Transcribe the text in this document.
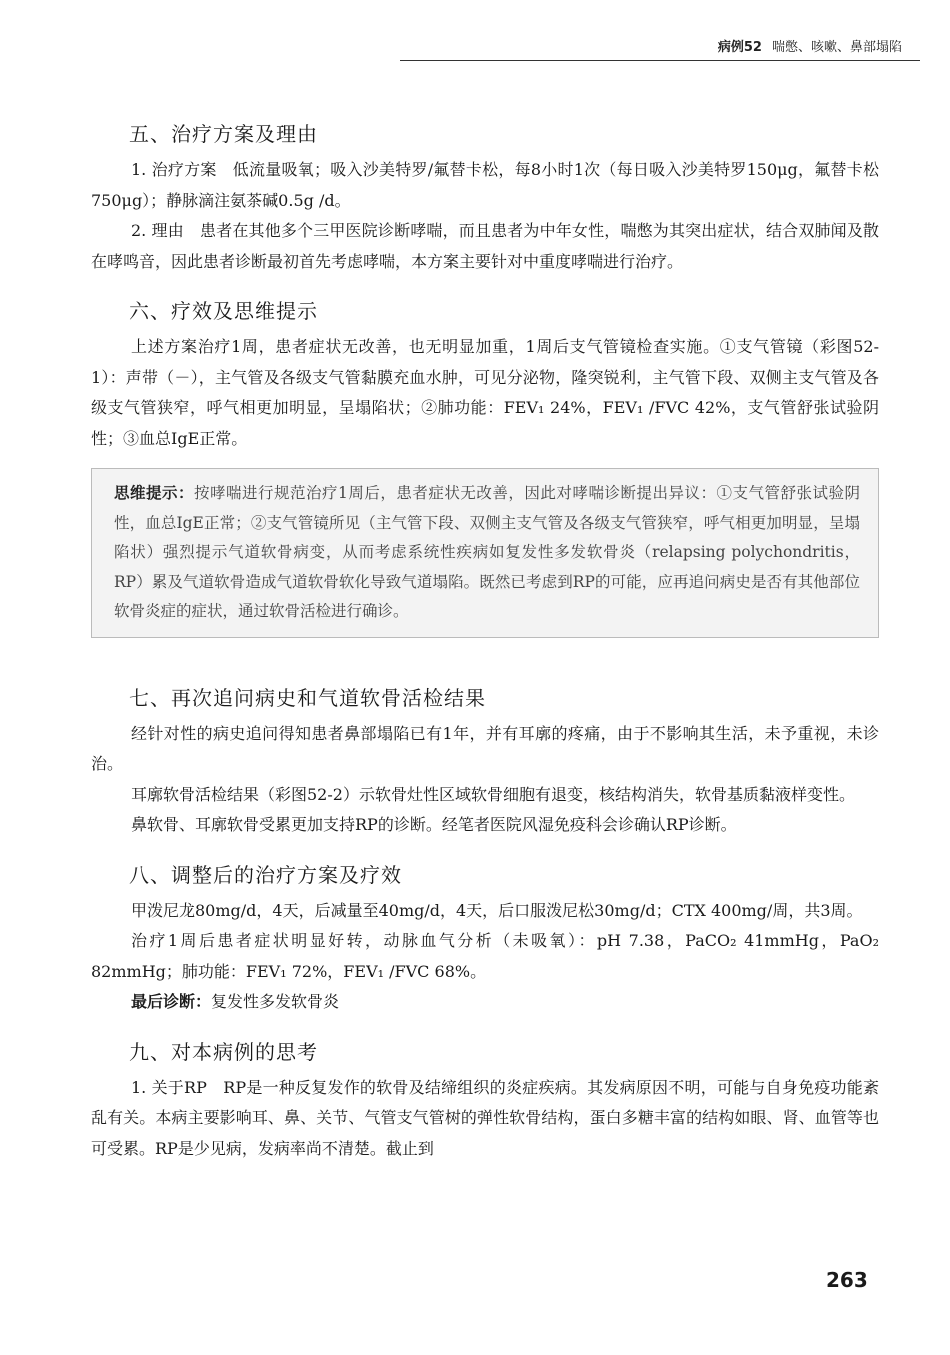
病例52 喘憋、咳嗽、鼻部塌陷
五、治疗方案及理由

1. 治疗方案　低流量吸氧；吸入沙美特罗/氟替卡松，每8小时1次（每日吸入沙美特罗150μg，氟替卡松750μg）；静脉滴注氨茶碱0.5g /d。

2. 理由　患者在其他多个三甲医院诊断哮喘，而且患者为中年女性，喘憋为其突出症状，结合双肺闻及散在哮鸣音，因此患者诊断最初首先考虑哮喘，本方案主要针对中重度哮喘进行治疗。

六、疗效及思维提示

上述方案治疗1周，患者症状无改善，也无明显加重，1周后支气管镜检查实施。①支气管镜（彩图52-1）：声带（－），主气管及各级支气管黏膜充血水肿，可见分泌物，隆突锐利，主气管下段、双侧主支气管及各级支气管狭窄，呼气相更加明显，呈塌陷状；②肺功能：FEV₁ 24%，FEV₁ /FVC 42%，支气管舒张试验阴性；③血总IgE正常。

思维提示：按哮喘进行规范治疗1周后，患者症状无改善，因此对哮喘诊断提出异议：①支气管舒张试验阴性，血总IgE正常；②支气管镜所见（主气管下段、双侧主支气管及各级支气管狭窄，呼气相更加明显，呈塌陷状）强烈提示气道软骨病变，从而考虑系统性疾病如复发性多发软骨炎（relapsing polychondritis，RP）累及气道软骨造成气道软骨软化导致气道塌陷。既然已考虑到RP的可能，应再追问病史是否有其他部位软骨炎症的症状，通过软骨活检进行确诊。

七、再次追问病史和气道软骨活检结果

经针对性的病史追问得知患者鼻部塌陷已有1年，并有耳廓的疼痛，由于不影响其生活，未予重视，未诊治。

耳廓软骨活检结果（彩图52-2）示软骨灶性区域软骨细胞有退变，核结构消失，软骨基质黏液样变性。

鼻软骨、耳廓软骨受累更加支持RP的诊断。经笔者医院风湿免疫科会诊确认RP诊断。

八、调整后的治疗方案及疗效

甲泼尼龙80mg/d，4天，后减量至40mg/d，4天，后口服泼尼松30mg/d；CTX 400mg/周，共3周。

治疗1周后患者症状明显好转，动脉血气分析（未吸氧）：pH 7.38，PaCO₂ 41mmHg，PaO₂ 82mmHg；肺功能：FEV₁ 72%，FEV₁ /FVC 68%。

最后诊断：复发性多发软骨炎

九、对本病例的思考

1. 关于RP　RP是一种反复发作的软骨及结缔组织的炎症疾病。其发病原因不明，可能与自身免疫功能紊乱有关。本病主要影响耳、鼻、关节、气管支气管树的弹性软骨结构，蛋白多糖丰富的结构如眼、肾、血管等也可受累。RP是少见病，发病率尚不清楚。截止到

263
